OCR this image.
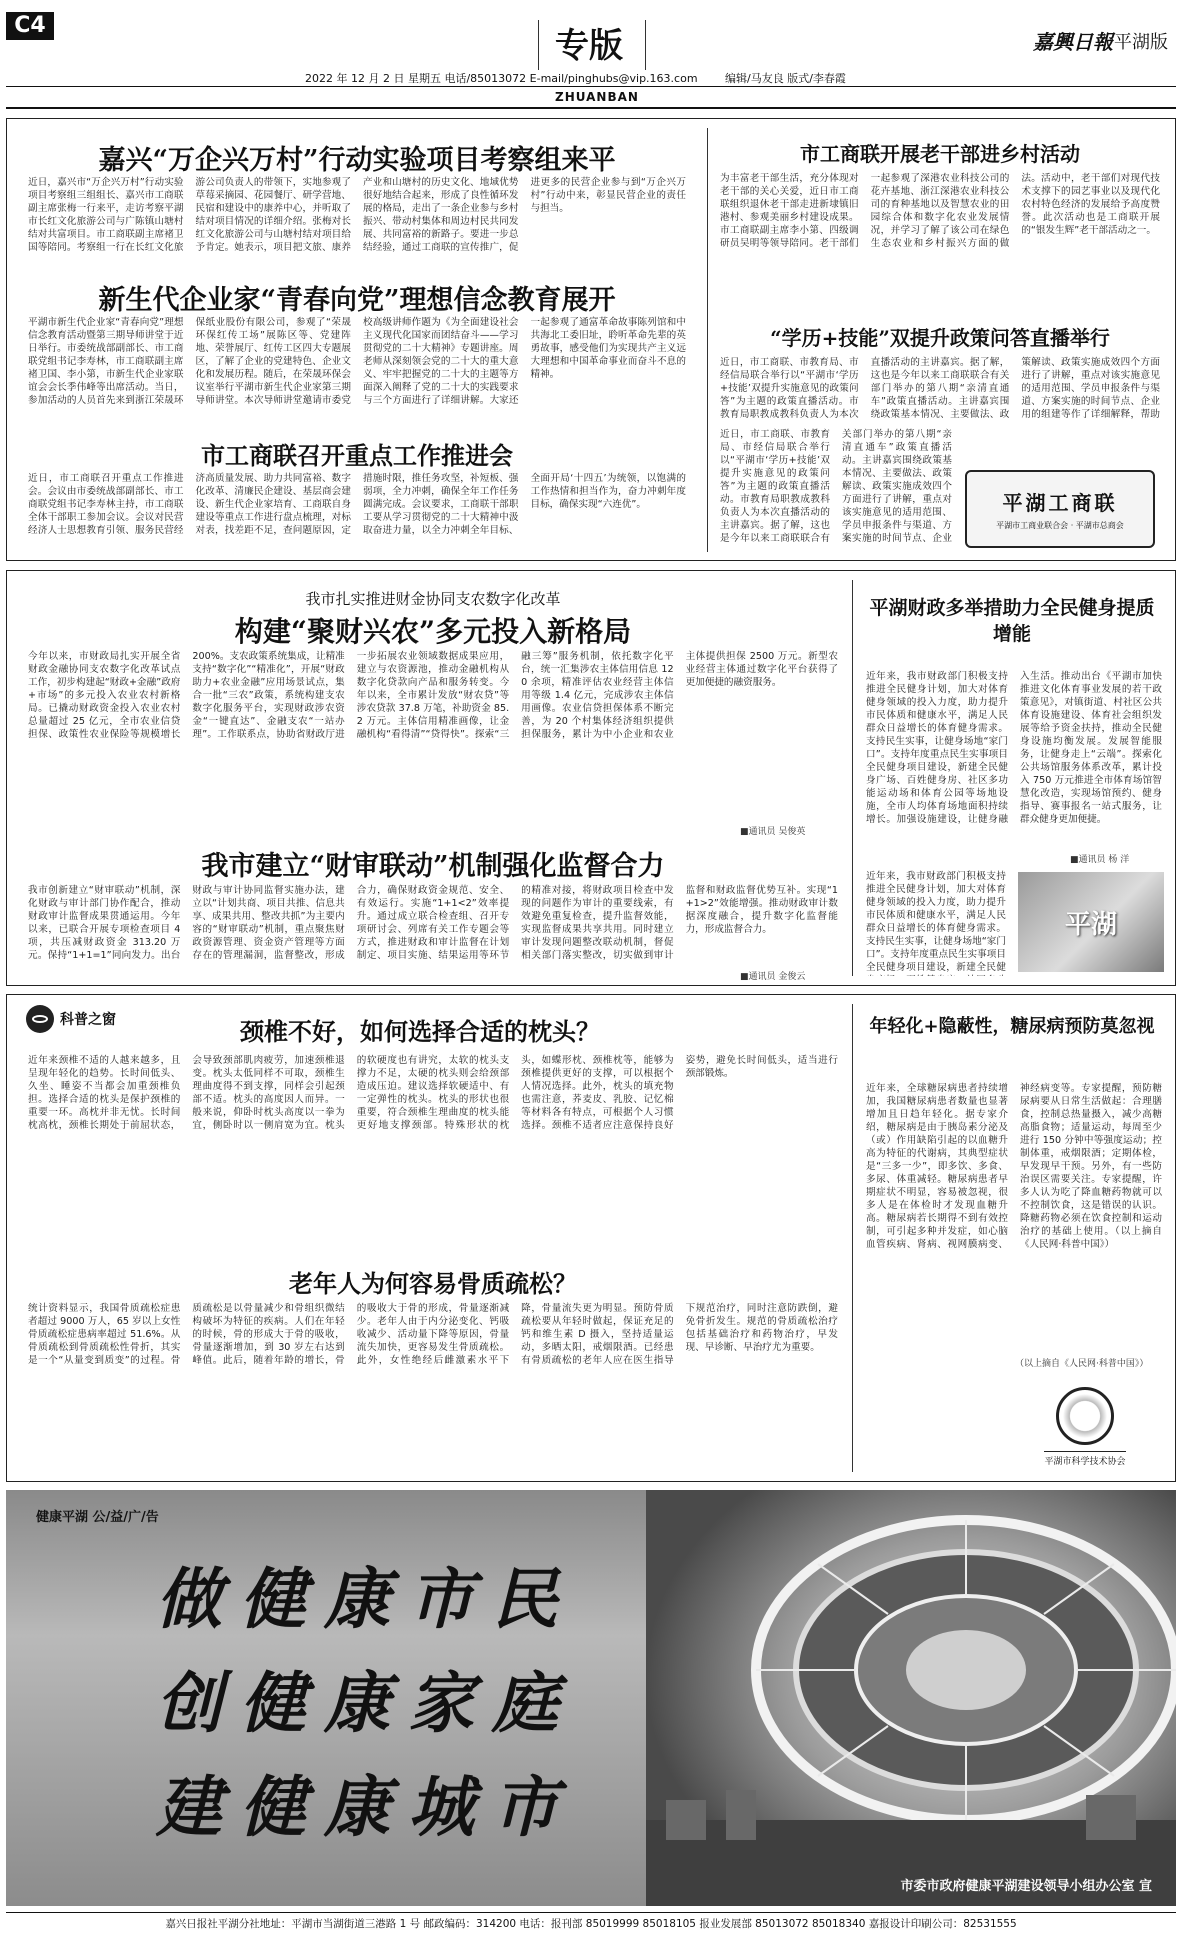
C4
专版	嘉興日報 平湖版
2022 年 12 月 2 日 星期五 电话/85013072 E-mail/pinghubs@vip.163.com 编辑/马友良 版式/李春霞
ZHUANBAN
嘉兴“万企兴万村”行动实验项目考察组来平
近日，嘉兴市“万企兴万村”行动实验项目考察组三组组长、嘉兴市工商联副主席张梅一行来平，走访考察平湖市长红文化旅游公司与广陈镇山塘村结对共富项目。市工商联副主席褚卫国等陪同。考察组一行在长红文化旅游公司负责人的带领下，实地参观了草莓采摘园、花园餐厅、研学营地、民宿和建设中的康养中心，并听取了结对项目情况的详细介绍。张梅对长红文化旅游公司与山塘村结对项目给予肯定。她表示，项目把文旅、康养产业和山塘村的历史文化、地域优势很好地结合起来，形成了良性循环发展的格局，走出了一条企业参与乡村振兴、带动村集体和周边村民共同发展、共同富裕的新路子。要进一步总结经验，通过工商联的宣传推广，促进更多的民营企业参与到“万企兴万村”行动中来，彰显民营企业的责任与担当。
新生代企业家“青春向党”理想信念教育展开
平湖市新生代企业家“青春向党”理想信念教育活动暨第三期导师讲堂于近日举行。市委统战部副部长、市工商联党组书记李寿林，市工商联副主席褚卫国、李小第，市新生代企业家联谊会会长季伟峰等出席活动。当日，参加活动的人员首先来到浙江荣晟环保纸业股份有限公司，参观了“荣晟环保红传工场”展陈区等、党建阵地、荣誉展厅、红传工区四大专题展区，了解了企业的党建特色、企业文化和发展历程。随后，在荣晟环保会议室举行平湖市新生代企业家第三期导师讲堂。本次导师讲堂邀请市委党校高级讲师作题为《为全面建设社会主义现代化国家而团结奋斗——学习贯彻党的二十大精神》专题讲座。周老师从深刻领会党的二十大的重大意义、牢牢把握党的二十大的主题等方面深入阐释了党的二十大的实践要求与三个方面进行了详细讲解。大家还一起参观了通富革命故事陈列馆和中共海北工委旧址，聆听革命先辈的英勇故事，感受他们为实现共产主义远大理想和中国革命事业而奋斗不息的精神。
市工商联召开重点工作推进会
近日，市工商联召开重点工作推进会。会议由市委统战部副部长、市工商联党组书记李寿林主持，市工商联全体干部职工参加会议。会议对民营经济人士思想教育引领、服务民营经济高质量发展、助力共同富裕、数字化改革、清廉民企建设、基层商会建设、新生代企业家培育、工商联自身建设等重点工作进行盘点梳理，对标对表，找差距不足，查问题原因，定措施时限，推任务攻坚，补短板、强弱项，全力冲刺，确保全年工作任务圆满完成。会议要求，工商联干部职工要从学习贯彻党的二十大精神中汲取奋进力量，以全力冲刺全年目标、全面开局‘十四五’为统领，以饱满的工作热情和担当作为，奋力冲刺年度目标，确保实现“六连优”。
市工商联开展老干部进乡村活动
为丰富老干部生活，充分体现对老干部的关心关爱，近日市工商联组织退休老干部走进新埭镇旧港村、参观美丽乡村建设成果。市工商联副主席李小第、四级调研员吴明等领导陪同。老干部们一起参观了深港农业科技公司的花卉基地、浙江深港农业科技公司的育种基地以及智慧农业的田园综合体和数字化农业发展情况，并学习了解了该公司在绿色生态农业和乡村振兴方面的做法。活动中，老干部们对现代技术支撑下的园艺事业以及现代化农村特色经济的发展给予高度赞誉。此次活动也是工商联开展的“银发生辉”老干部活动之一。
“学历+技能”双提升政策问答直播举行
近日，市工商联、市教育局、市经信局联合举行以“平湖市‘学历+技能’双提升实施意见的政策问答”为主题的政策直播活动。市教育局职教成教科负责人为本次直播活动的主讲嘉宾。据了解，这也是今年以来工商联联合有关部门举办的第八期“亲清直通车”政策直播活动。主讲嘉宾围绕政策基本情况、主要做法、政策解读、政策实施成效四个方面进行了讲解，重点对该实施意见的适用范围、学员申报条件与渠道、方案实施的时间节点、企业用的组建等作了详细解释，帮助
近日，市工商联、市教育局、市经信局联合举行以“平湖市‘学历+技能’双提升实施意见的政策问答”为主题的政策直播活动。市教育局职教成教科负责人为本次直播活动的主讲嘉宾。据了解，这也是今年以来工商联联合有关部门举办的第八期“亲清直通车”政策直播活动。主讲嘉宾围绕政策基本情况、主要做法、政策解读、政策实施成效四个方面进行了讲解，重点对该实施意见的适用范围、学员申报条件与渠道、方案实施的时间节点、企业
平湖工商联
平湖市工商业联合会 · 平湖市总商会
我市扎实推进财金协同支农数字化改革
构建“聚财兴农”多元投入新格局
今年以来，市财政局扎实开展全省财政金融协同支农数字化改革试点工作，初步构建起“财政+金融”政府+市场”的多元投入农业农村新格局。已撬动财政资金投入农业农村总量超过 25 亿元，全市农业信贷担保、政策性农业保险等规模增长 200%。支农政策系统集成，让精准支持“数字化”“精准化”，开展“财政助力+农业金融”应用场景试点，集合一批“三农”政策，系统构建支农数字化服务平台，实现财政涉农资金“一键直达”、金融支农“一站办理”。工作联系点，协助省财政厅进一步拓展农业领域数据成果应用，建立与农资源池，推动金融机构从数字化贷款向产品和服务转变。今年以来，全市累计发放“财农贷”等涉农贷款 37.8 万笔，补助资金 85.2 万元。主体信用精准画像，让金融机构“看得清”“贷得快”。探索“三融三筹”服务机制，依托数字化平台，统一汇集涉农主体信用信息 120 余项，精准评估农业经营主体信用等级 1.4 亿元，完成涉农主体信用画像。农业信贷担保体系不断完善，为 20 个村集体经济组织提供担保服务，累计为中小企业和农业主体提供担保 2500 万元。新型农业经营主体通过数字化平台获得了更加便捷的融资服务。
■通讯员 吴俊英
我市建立“财审联动”机制强化监督合力
我市创新建立“财审联动”机制，深化财政与审计部门协作配合，推动财政审计监督成果贯通运用。今年以来，已联合开展专项检查项目 4 项，共压减财政资金 313.20 万元。保持“1+1=1”同向发力。出台财政与审计协同监督实施办法，建立以“计划共商、项目共推、信息共享、成果共用、整改共抓”为主要内容的“财审联动”机制，重点聚焦财政资源管理、资金资产管理等方面存在的管理漏洞，监督整改，形成合力，确保财政资金规范、安全、有效运行。实施“1+1<2”效率提升。通过成立联合检查组、召开专项研讨会、列席有关工作专题会等方式，推进财政和审计监督在计划制定、项目实施、结果运用等环节的精准对接，将财政项目检查中发现的问题作为审计的重要线索，有效避免重复检查，提升监督效能，实现监督成果共享共用。同时建立审计发现问题整改联动机制，督促相关部门落实整改，切实做到审计监督和财政监督优势互补。实现“1+1>2”效能增强。推动财政审计数据深度融合，提升数字化监督能力，形成监督合力。
■通讯员 金俊云
平湖财政多举措助力全民健身提质增能
近年来，我市财政部门积极支持推进全民健身计划，加大对体育健身领域的投入力度，助力提升市民体质和健康水平，满足人民群众日益增长的体育健身需求。支持民生实事，让健身场地“家门口”。支持年度重点民生实事项目全民健身项目建设，新建全民健身广场、百姓健身房、社区多功能运动场和体育公园等场地设施，全市人均体育场地面积持续增长。加强设施建设，让健身融入生活。推动出台《平湖市加快推进文化体育事业发展的若干政策意见》，对镇街道、村社区公共体育设施建设、体育社会组织发展等给予资金扶持，推动全民健身设施均衡发展。发展智能服务，让健身走上“云端”。探索化公共场馆服务体系改革，累计投入 750 万元推进全市体育场馆智慧化改造，实现场馆预约、健身指导、赛事报名一站式服务，让群众健身更加便捷。
■通讯员 杨 洋
近年来，我市财政部门积极支持推进全民健身计划，加大对体育健身领域的投入力度，助力提升市民体质和健康水平，满足人民群众日益增长的体育健身需求。支持民生实事，让健身场地“家门口”。支持年度重点民生实事项目全民健身项目建设，新建全民健
平湖
科普之窗	颈椎不好，如何选择合适的枕头？
近年来颈椎不适的人越来越多，且呈现年轻化的趋势。长时间低头、久坐、睡姿不当都会加重颈椎负担。选择合适的枕头是保护颈椎的重要一环。高枕并非无忧。长时间枕高枕，颈椎长期处于前屈状态，会导致颈部肌肉疲劳，加速颈椎退变。枕头太低同样不可取，颈椎生理曲度得不到支撑，同样会引起颈部不适。枕头的高度因人而异。一般来说，仰卧时枕头高度以一拳为宜，侧卧时以一侧肩宽为宜。枕头的软硬度也有讲究，太软的枕头支撑力不足，太硬的枕头则会给颈部造成压迫。建议选择软硬适中、有一定弹性的枕头。枕头的形状也很重要，符合颈椎生理曲度的枕头能更好地支撑颈部。特殊形状的枕头，如蝶形枕、颈椎枕等，能够为颈椎提供更好的支撑，可以根据个人情况选择。此外，枕头的填充物也需注意，荞麦皮、乳胶、记忆棉等材料各有特点，可根据个人习惯选择。颈椎不适者应注意保持良好姿势，避免长时间低头，适当进行颈部锻炼。
老年人为何容易骨质疏松？
统计资料显示，我国骨质疏松症患者超过 9000 万人，65 岁以上女性骨质疏松症患病率超过 51.6%。从骨质疏松到骨质疏松性骨折，其实是一个“从量变到质变”的过程。骨质疏松是以骨量减少和骨组织微结构破坏为特征的疾病。人们在年轻的时候，骨的形成大于骨的吸收，骨量逐渐增加，到 30 岁左右达到峰值。此后，随着年龄的增长，骨的吸收大于骨的形成，骨量逐渐减少。老年人由于内分泌变化、钙吸收减少、活动量下降等原因，骨量流失加快，更容易发生骨质疏松。此外，女性绝经后雌激素水平下降，骨量流失更为明显。预防骨质疏松要从年轻时做起，保证充足的钙和维生素 D 摄入，坚持适量运动，多晒太阳，戒烟限酒。已经患有骨质疏松的老年人应在医生指导下规范治疗，同时注意防跌倒，避免骨折发生。规范的骨质疏松治疗包括基础治疗和药物治疗，早发现、早诊断、早治疗尤为重要。
年轻化+隐蔽性，糖尿病预防莫忽视
近年来，全球糖尿病患者持续增加，我国糖尿病患者数量也显著增加且日趋年轻化。据专家介绍，糖尿病是由于胰岛素分泌及（或）作用缺陷引起的以血糖升高为特征的代谢病，其典型症状是“三多一少”，即多饮、多食、多尿、体重减轻。糖尿病患者早期症状不明显，容易被忽视，很多人是在体检时才发现血糖升高。糖尿病若长期得不到有效控制，可引起多种并发症，如心脑血管疾病、肾病、视网膜病变、神经病变等。专家提醒，预防糖尿病要从日常生活做起：合理膳食，控制总热量摄入，减少高糖高脂食物；适量运动，每周至少进行 150 分钟中等强度运动；控制体重，戒烟限酒；定期体检，早发现早干预。另外，有一些防治误区需要关注。专家提醒，许多人认为吃了降血糖药物就可以不控制饮食，这是错误的认识。降糖药物必须在饮食控制和运动治疗的基础上使用。（以上摘自《人民网·科普中国》）
（以上摘自《人民网·科普中国》）
平湖市科学技术协会
健康平湖 公/益/广/告
做健康市民
创健康家庭
建健康城市
市委市政府健康平湖建设领导小组办公室 宣
嘉兴日报社平湖分社地址：平湖市当湖街道三港路 1 号 邮政编码：314200 电话：报刊部 85019999 85018105 报业发展部 85013072 85018340 嘉报设计印刷公司：82531555
